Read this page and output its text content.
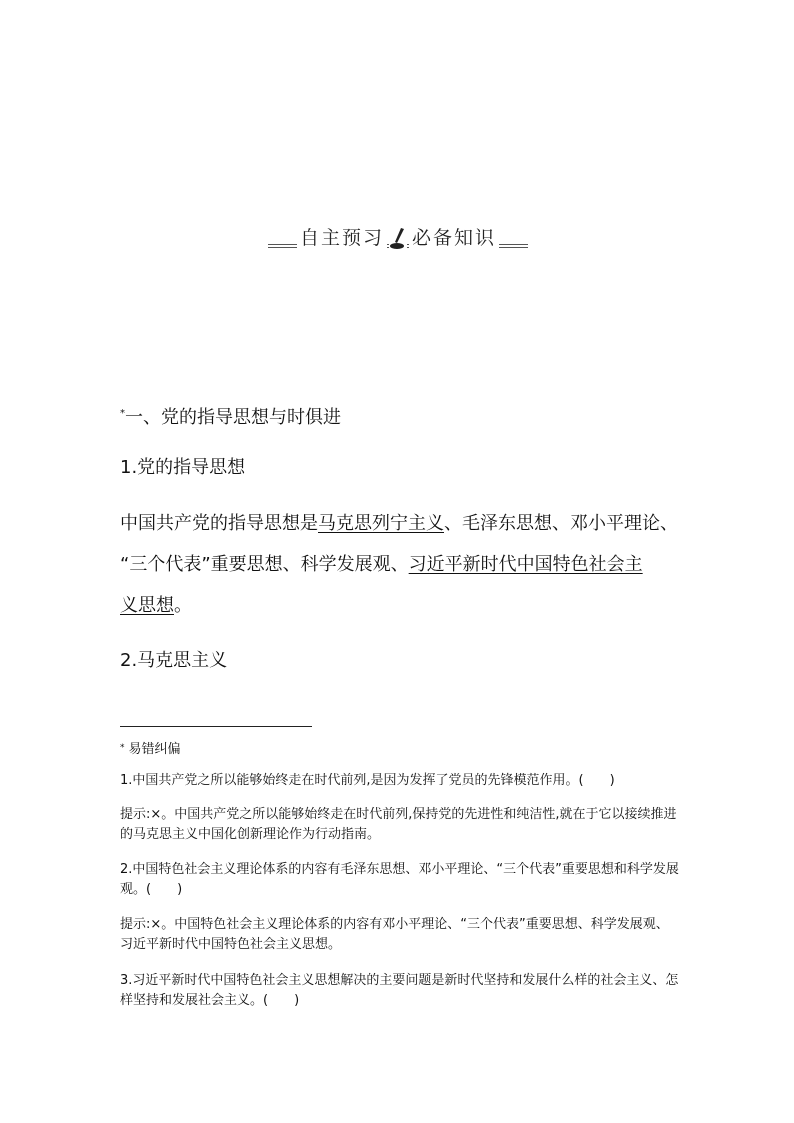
自主预习 必备知识
*一、党的指导思想与时俱进
1.党的指导思想
中国共产党的指导思想是马克思列宁主义、毛泽东思想、邓小平理论、
“三个代表”重要思想、科学发展观、习近平新时代中国特色社会主
义思想。
2.马克思主义
* 易错纠偏
1.中国共产党之所以能够始终走在时代前列,是因为发挥了党员的先锋模范作用。(　　)
提示:×。中国共产党之所以能够始终走在时代前列,保持党的先进性和纯洁性,就在于它以接续推进的马克思主义中国化创新理论作为行动指南。
2.中国特色社会主义理论体系的内容有毛泽东思想、邓小平理论、“三个代表”重要思想和科学发展观。(　　)
提示:×。中国特色社会主义理论体系的内容有邓小平理论、“三个代表”重要思想、科学发展观、习近平新时代中国特色社会主义思想。
3.习近平新时代中国特色社会主义思想解决的主要问题是新时代坚持和发展什么样的社会主义、怎样坚持和发展社会主义。(　　)
